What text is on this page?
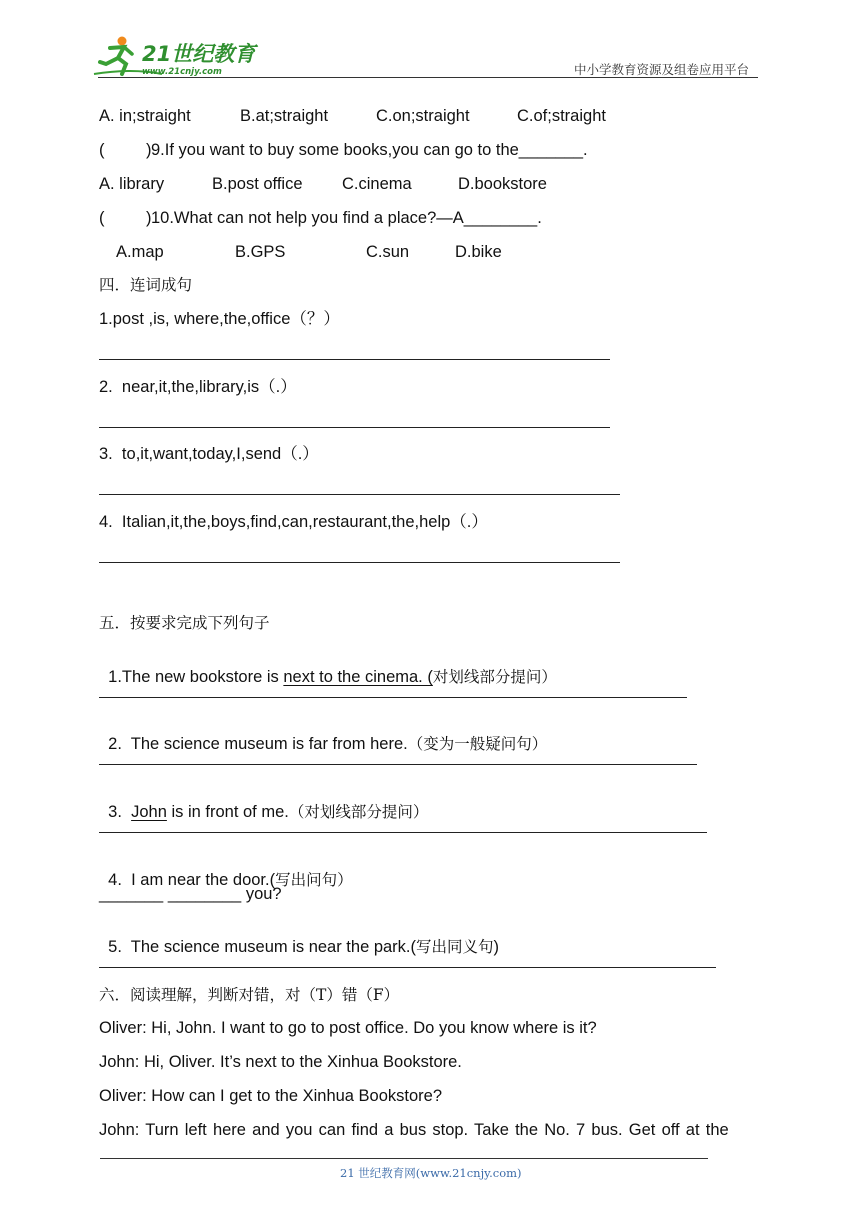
21世纪教育
www.21cnjy.com	中小学教育资源及组卷应用平台
A. in;straight	B.at;straight	C.on;straight	C.of;straight
(	) 9.If you want to buy some books,you can go to the_______.
A. library	B.post office C.cinema	D.bookstore
(	) 10.What can not help you find a place?—A________.
A.map	B.GPS	C.sun	D.bike
四．连词成句
1.post ,is, where,the,office（？）
2.  near,it,the,library,is（.）
3.  to,it,want,today,I,send（.）
4.  Italian,it,the,boys,find,can,restaurant,the,help（.）
五．按要求完成下列句子

1.The new bookstore is next to the cinema. (对划线部分提问）

2.  The science museum is far from here.（变为一般疑问句）

3.  John is in front of me.（对划线部分提问）

4.  I am near the door.(写出问句）

_______ ________ you?

5.  The science museum is near the park.(写出同义句)

六．阅读理解，判断对错，对（T）错（F）
Oliver: Hi, John. I want to go to post office. Do you know where is it?
John: Hi, Oliver. It’s next to the Xinhua Bookstore.
Oliver: How can I get to the Xinhua Bookstore?
John: Turn left here and you can find a bus stop. Take the No. 7 bus. Get off at the
21 世纪教育网(www.21cnjy.com)
